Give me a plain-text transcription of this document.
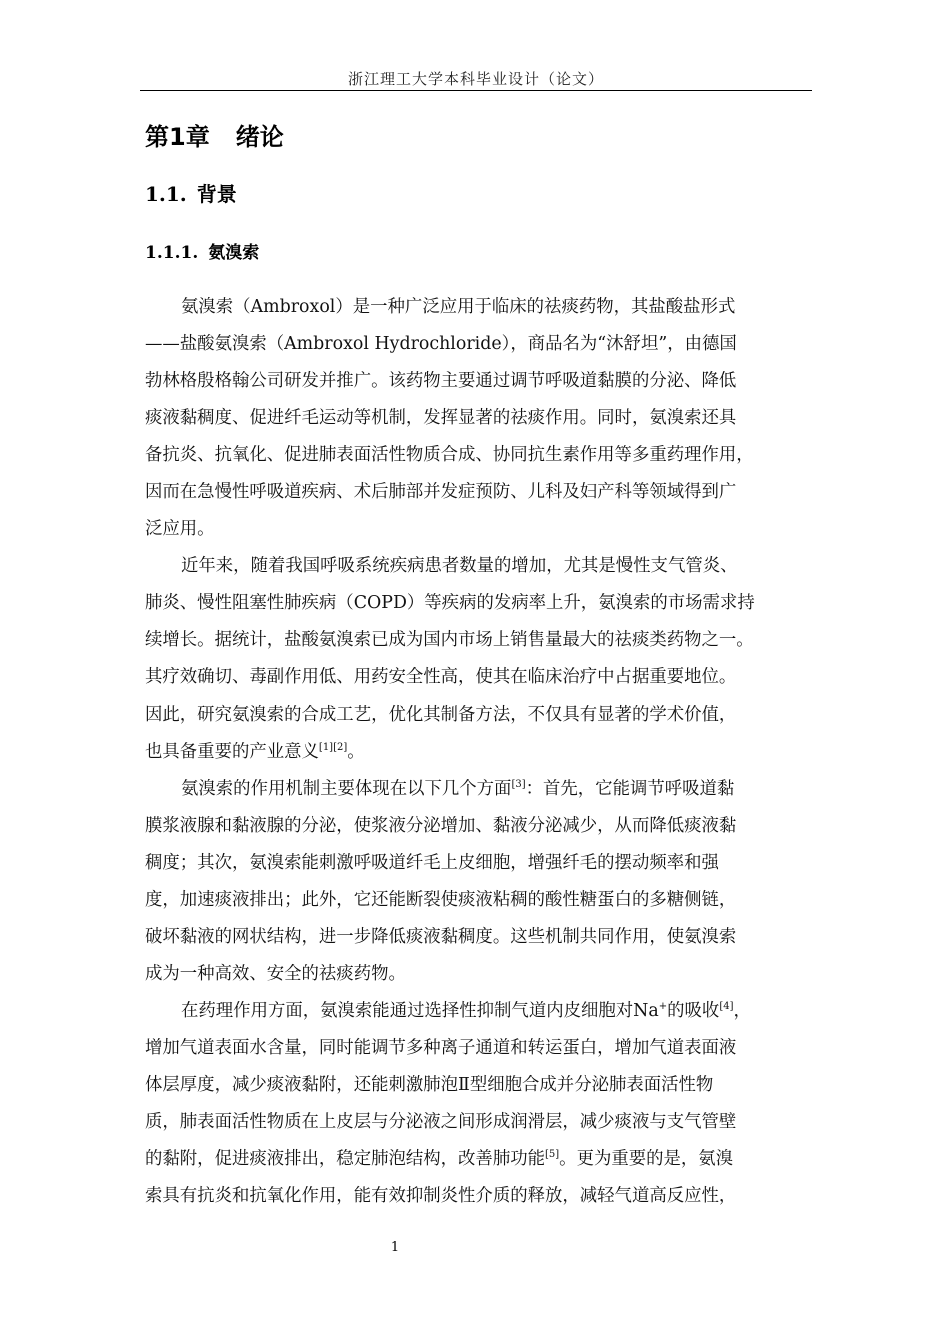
浙江理工大学本科毕业设计（论文）
第1章 绪论
1.1. 背景
1.1.1. 氨溴索
氨溴索（Ambroxol）是一种广泛应用于临床的祛痰药物，其盐酸盐形式
——盐酸氨溴索（Ambroxol Hydrochloride），商品名为“沐舒坦”，由德国
勃林格殷格翰公司研发并推广。该药物主要通过调节呼吸道黏膜的分泌、降低
痰液黏稠度、促进纤毛运动等机制，发挥显著的祛痰作用。同时，氨溴索还具
备抗炎、抗氧化、促进肺表面活性物质合成、协同抗生素作用等多重药理作用，
因而在急慢性呼吸道疾病、术后肺部并发症预防、儿科及妇产科等领域得到广
泛应用。
近年来，随着我国呼吸系统疾病患者数量的增加，尤其是慢性支气管炎、
肺炎、慢性阻塞性肺疾病（COPD）等疾病的发病率上升，氨溴索的市场需求持
续增长。据统计，盐酸氨溴索已成为国内市场上销售量最大的祛痰类药物之一。
其疗效确切、毒副作用低、用药安全性高，使其在临床治疗中占据重要地位。
因此，研究氨溴索的合成工艺，优化其制备方法，不仅具有显著的学术价值，
也具备重要的产业意义[1][2]。
氨溴索的作用机制主要体现在以下几个方面[3]：首先，它能调节呼吸道黏
膜浆液腺和黏液腺的分泌，使浆液分泌增加、黏液分泌减少，从而降低痰液黏
稠度；其次，氨溴索能刺激呼吸道纤毛上皮细胞，增强纤毛的摆动频率和强
度，加速痰液排出；此外，它还能断裂使痰液粘稠的酸性糖蛋白的多糖侧链，
破坏黏液的网状结构，进一步降低痰液黏稠度。这些机制共同作用，使氨溴索
成为一种高效、安全的祛痰药物。
在药理作用方面，氨溴索能通过选择性抑制气道内皮细胞对Na+的吸收[4]，
增加气道表面水含量，同时能调节多种离子通道和转运蛋白，增加气道表面液
体层厚度，减少痰液黏附，还能刺激肺泡Ⅱ型细胞合成并分泌肺表面活性物
质，肺表面活性物质在上皮层与分泌液之间形成润滑层，减少痰液与支气管壁
的黏附，促进痰液排出，稳定肺泡结构，改善肺功能[5]。更为重要的是，氨溴
索具有抗炎和抗氧化作用，能有效抑制炎性介质的释放，减轻气道高反应性，
1
